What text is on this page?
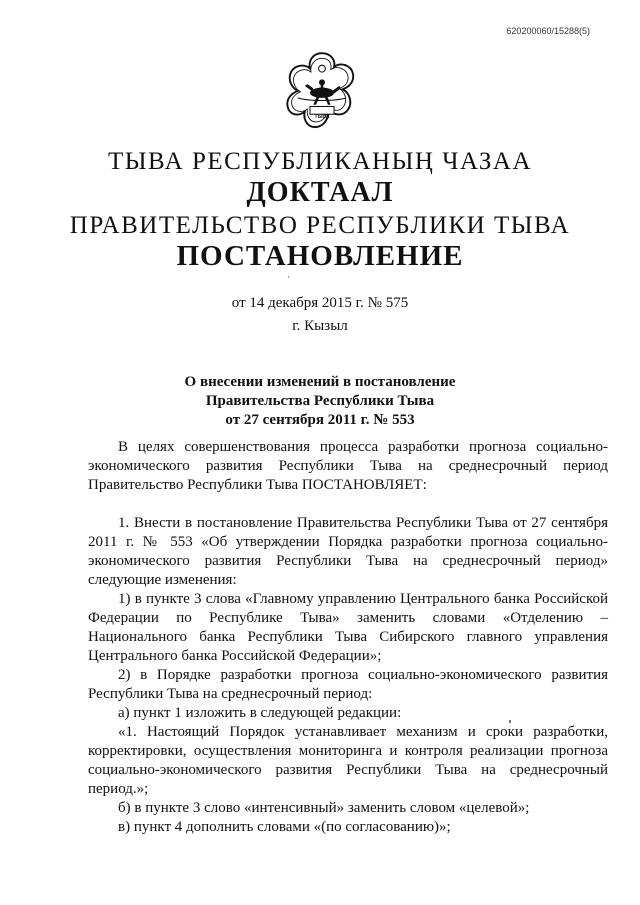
620200060/15288(5)
ТЫВА
ТЫВА РЕСПУБЛИКАНЫҢ ЧАЗАА
ДОКТААЛ
ПРАВИТЕЛЬСТВО РЕСПУБЛИКИ ТЫВА
ПОСТАНОВЛЕНИЕ
от 14 декабря 2015 г. № 575
г. Кызыл
О внесении изменений в постановление
Правительства Республики Тыва
от 27 сентября 2011 г. № 553

В целях совершенствования процесса разработки прогноза социально-экономического развития Республики Тыва на среднесрочный период Правительство Республики Тыва ПОСТАНОВЛЯЕТ:

1. Внести в постановление Правительства Республики Тыва от 27 сентября 2011 г. № 553 «Об утверждении Порядка разработки прогноза социально-экономического развития Республики Тыва на среднесрочный период» следующие изменения:

1) в пункте 3 слова «Главному управлению Центрального банка Российской Федерации по Республике Тыва» заменить словами «Отделению – Национального банка Республики Тыва Сибирского главного управления Центрального банка Российской Федерации»;

2) в Порядке разработки прогноза социально-экономического развития Республики Тыва на среднесрочный период:

а) пункт 1 изложить в следующей редакции:

«1. Настоящий Порядок устанавливает механизм и сроки разработки, корректировки, осуществления мониторинга и контроля реализации прогноза социально-экономического развития Республики Тыва на среднесрочный период.»;

б) в пункте 3 слово «интенсивный» заменить словом «целевой»;

в) пункт 4 дополнить словами «(по согласованию)»;
